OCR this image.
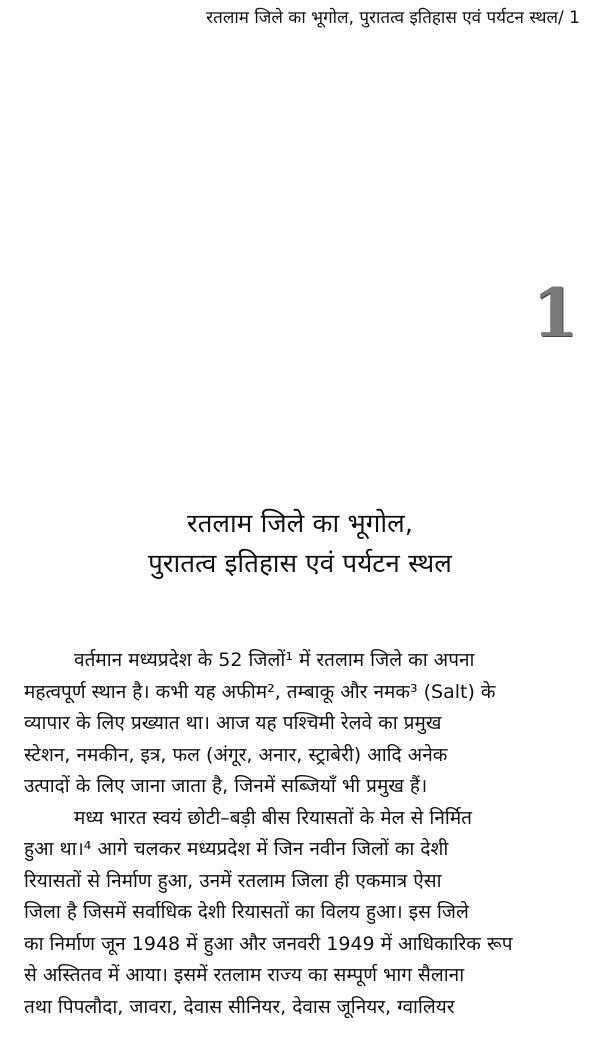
रतलाम जिले का भूगोल, पुरातत्व इतिहास एवं पर्यटन स्थल/ 1
1
रतलाम जिले का भूगोल,
पुरातत्व इतिहास एवं पर्यटन स्थल
वर्तमान मध्यप्रदेश के 52 जिलों¹ में रतलाम जिले का अपना
महत्वपूर्ण स्थान है। कभी यह अफीम², तम्बाकू और नमक³ (Salt) के
व्यापार के लिए प्रख्यात था। आज यह पश्चिमी रेलवे का प्रमुख
स्टेशन, नमकीन, इत्र, फल (अंगूर, अनार, स्ट्राबेरी) आदि अनेक
उत्पादों के लिए जाना जाता है, जिनमें सब्जियाँ भी प्रमुख हैं।
मध्य भारत स्वयं छोटी–बड़ी बीस रियासतों के मेल से निर्मित
हुआ था।⁴ आगे चलकर मध्यप्रदेश में जिन नवीन जिलों का देशी
रियासतों से निर्माण हुआ, उनमें रतलाम जिला ही एकमात्र ऐसा
जिला है जिसमें सर्वाधिक देशी रियासतों का विलय हुआ। इस जिले
का निर्माण जून 1948 में हुआ और जनवरी 1949 में आधिकारिक रूप
से अस्तितव में आया। इसमें रतलाम राज्य का सम्पूर्ण भाग सैलाना
तथा पिपलौदा, जावरा, देवास सीनियर, देवास जूनियर, ग्वालियर
